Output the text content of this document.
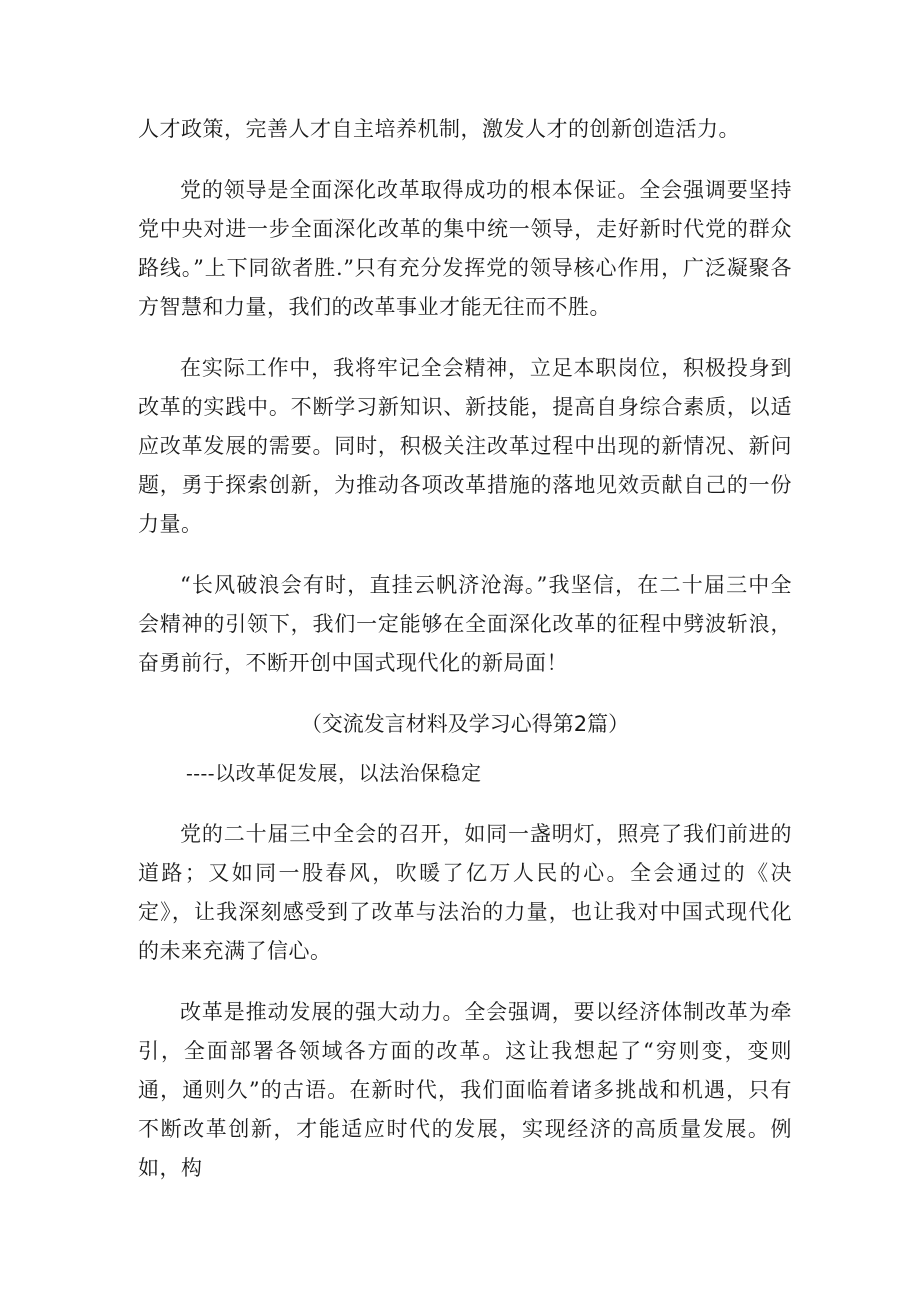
人才政策，完善人才自主培养机制，激发人才的创新创造活力。

党的领导是全面深化改革取得成功的根本保证。全会强调要坚持党中央对进一步全面深化改革的集中统一领导，走好新时代党的群众路线。”上下同欲者胜.”只有充分发挥党的领导核心作用，广泛凝聚各方智慧和力量，我们的改革事业才能无往而不胜。

在实际工作中，我将牢记全会精神，立足本职岗位，积极投身到改革的实践中。不断学习新知识、新技能，提高自身综合素质，以适应改革发展的需要。同时，积极关注改革过程中出现的新情况、新问题，勇于探索创新，为推动各项改革措施的落地见效贡献自己的一份力量。

“长风破浪会有时，直挂云帆济沧海。”我坚信，在二十届三中全会精神的引领下，我们一定能够在全面深化改革的征程中劈波斩浪，奋勇前行，不断开创中国式现代化的新局面！

（交流发言材料及学习心得第2篇）
----以改革促发展，以法治保稳定

党的二十届三中全会的召开，如同一盏明灯，照亮了我们前进的道路；又如同一股春风，吹暖了亿万人民的心。全会通过的《决定》，让我深刻感受到了改革与法治的力量，也让我对中国式现代化的未来充满了信心。

改革是推动发展的强大动力。全会强调，要以经济体制改革为牵引，全面部署各领域各方面的改革。这让我想起了“穷则变，变则通，通则久”的古语。在新时代，我们面临着诸多挑战和机遇，只有不断改革创新，才能适应时代的发展，实现经济的高质量发展。例如，构
